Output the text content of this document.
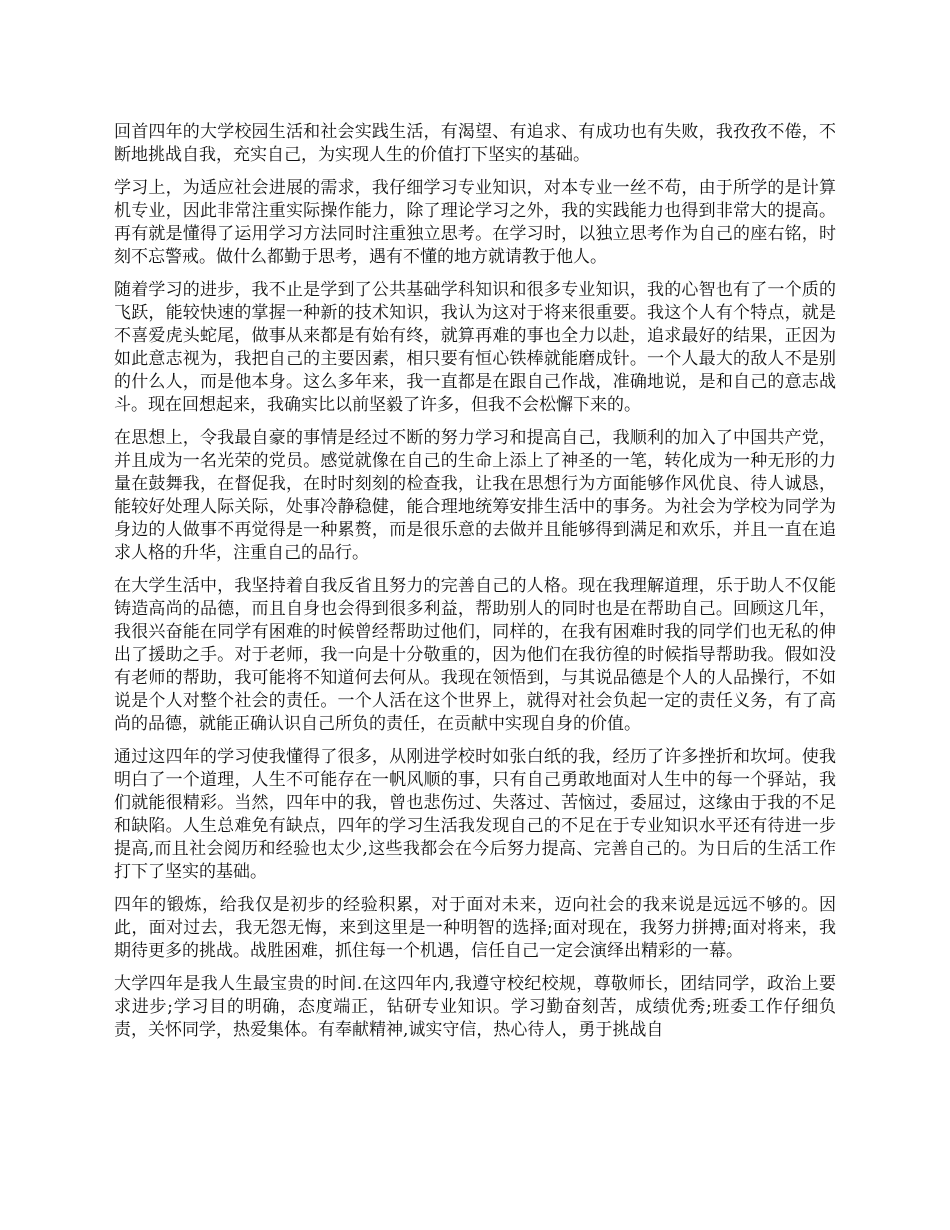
回首四年的大学校园生活和社会实践生活，有渴望、有追求、有成功也有失败，我孜孜不倦，不断地挑战自我，充实自己，为实现人生的价值打下坚实的基础。

学习上，为适应社会进展的需求，我仔细学习专业知识，对本专业一丝不苟，由于所学的是计算机专业，因此非常注重实际操作能力，除了理论学习之外，我的实践能力也得到非常大的提高。再有就是懂得了运用学习方法同时注重独立思考。在学习时，以独立思考作为自己的座右铭，时刻不忘警戒。做什么都勤于思考，遇有不懂的地方就请教于他人。

随着学习的进步，我不止是学到了公共基础学科知识和很多专业知识，我的心智也有了一个质的飞跃，能较快速的掌握一种新的技术知识，我认为这对于将来很重要。我这个人有个特点，就是不喜爱虎头蛇尾，做事从来都是有始有终，就算再难的事也全力以赴，追求最好的结果，正因为如此意志视为，我把自己的主要因素，相只要有恒心铁棒就能磨成针。一个人最大的敌人不是别的什么人，而是他本身。这么多年来，我一直都是在跟自己作战，准确地说，是和自己的意志战斗。现在回想起来，我确实比以前坚毅了许多，但我不会松懈下来的。

在思想上，令我最自豪的事情是经过不断的努力学习和提高自己，我顺利的加入了中国共产党，并且成为一名光荣的党员。感觉就像在自己的生命上添上了神圣的一笔，转化成为一种无形的力量在鼓舞我，在督促我，在时时刻刻的检查我，让我在思想行为方面能够作风优良、待人诚恳，能较好处理人际关际，处事冷静稳健，能合理地统筹安排生活中的事务。为社会为学校为同学为身边的人做事不再觉得是一种累赘，而是很乐意的去做并且能够得到满足和欢乐，并且一直在追求人格的升华，注重自己的品行。

在大学生活中，我坚持着自我反省且努力的完善自己的人格。现在我理解道理，乐于助人不仅能铸造高尚的品德，而且自身也会得到很多利益，帮助别人的同时也是在帮助自己。回顾这几年，我很兴奋能在同学有困难的时候曾经帮助过他们，同样的，在我有困难时我的同学们也无私的伸出了援助之手。对于老师，我一向是十分敬重的，因为他们在我彷徨的时候指导帮助我。假如没有老师的帮助，我可能将不知道何去何从。我现在领悟到，与其说品德是个人的人品操行，不如说是个人对整个社会的责任。一个人活在这个世界上，就得对社会负起一定的责任义务，有了高尚的品德，就能正确认识自己所负的责任，在贡献中实现自身的价值。

通过这四年的学习使我懂得了很多，从刚进学校时如张白纸的我，经历了许多挫折和坎坷。使我明白了一个道理，人生不可能存在一帆风顺的事，只有自己勇敢地面对人生中的每一个驿站，我们就能很精彩。当然，四年中的我，曾也悲伤过、失落过、苦恼过，委屈过，这缘由于我的不足和缺陷。人生总难免有缺点，四年的学习生活我发现自己的不足在于专业知识水平还有待进一步提高,而且社会阅历和经验也太少,这些我都会在今后努力提高、完善自己的。为日后的生活工作打下了坚实的基础。

四年的锻炼，给我仅是初步的经验积累，对于面对未来，迈向社会的我来说是远远不够的。因此，面对过去，我无怨无悔，来到这里是一种明智的选择;面对现在，我努力拼搏;面对将来，我期待更多的挑战。战胜困难，抓住每一个机遇，信任自己一定会演绎出精彩的一幕。

大学四年是我人生最宝贵的时间.在这四年内,我遵守校纪校规，尊敬师长，团结同学，政治上要求进步;学习目的明确，态度端正，钻研专业知识。学习勤奋刻苦，成绩优秀;班委工作仔细负责，关怀同学，热爱集体。有奉献精神,诚实守信，热心待人，勇于挑战自
